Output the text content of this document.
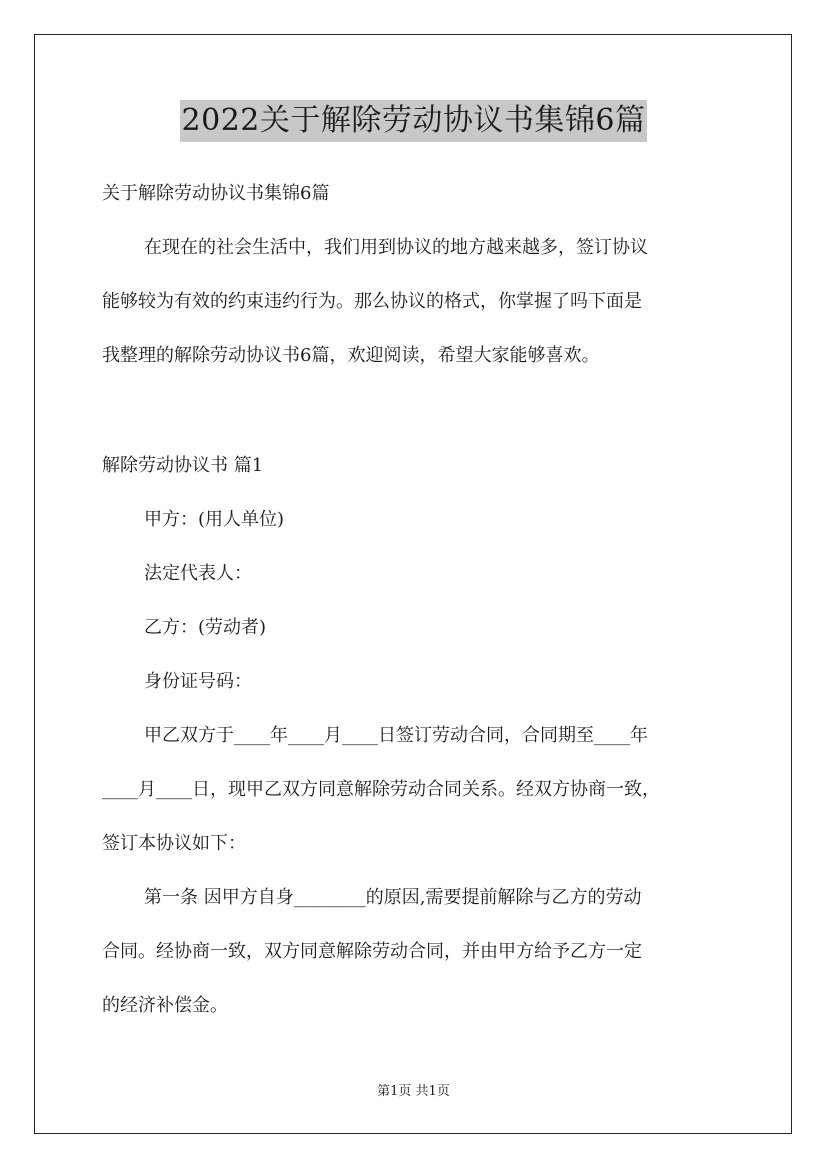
2022关于解除劳动协议书集锦6篇
关于解除劳动协议书集锦6篇
在现在的社会生活中，我们用到协议的地方越来越多，签订协议
能够较为有效的约束违约行为。那么协议的格式，你掌握了吗下面是
我整理的解除劳动协议书6篇，欢迎阅读，希望大家能够喜欢。
解除劳动协议书 篇1
甲方：(用人单位)
法定代表人：
乙方：(劳动者)
身份证号码：
甲乙双方于____年____月____日签订劳动合同，合同期至____年
____月____日，现甲乙双方同意解除劳动合同关系。经双方协商一致，
签订本协议如下：
第一条 因甲方自身________的原因,需要提前解除与乙方的劳动
合同。经协商一致，双方同意解除劳动合同，并由甲方给予乙方一定
的经济补偿金。
第1页 共1页
